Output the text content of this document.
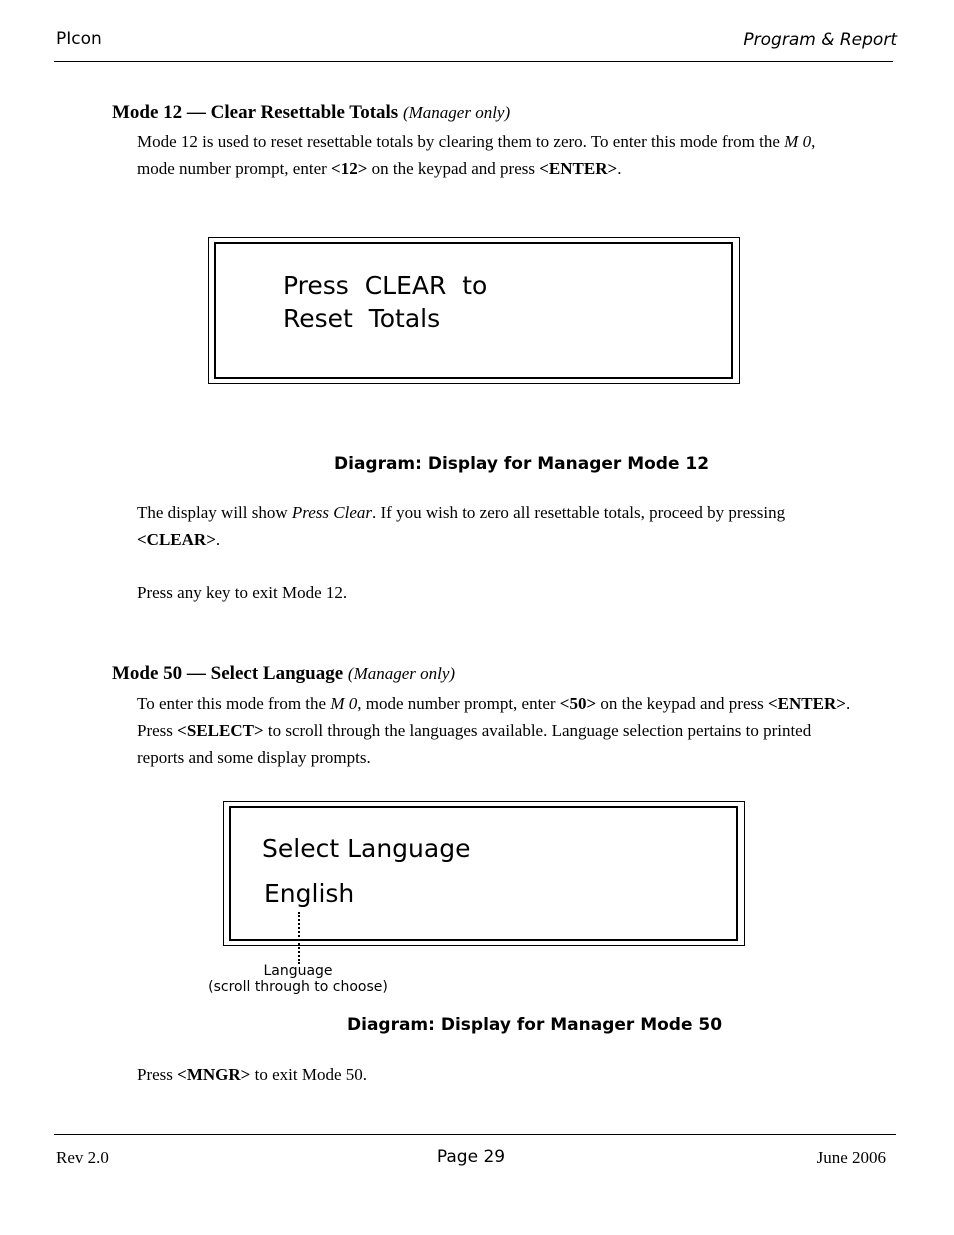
PIcon	Program & Report
Mode 12 — Clear Resettable Totals (Manager only)
Mode 12 is used to reset resettable totals by clearing them to zero. To enter this mode from the M 0, mode number prompt, enter <12> on the keypad and press <ENTER>.
Press  CLEAR  to
Reset  Totals
Diagram: Display for Manager Mode 12
The display will show Press Clear. If you wish to zero all resettable totals, proceed by pressing <CLEAR>.
Press any key to exit Mode 12.
Mode 50 — Select Language (Manager only)
To enter this mode from the M 0, mode number prompt, enter <50> on the keypad and press <ENTER>. Press <SELECT> to scroll through the languages available. Language selection pertains to printed reports and some display prompts.
Select Language
English
Language
(scroll through to choose)
Diagram: Display for Manager Mode 50
Press <MNGR> to exit Mode 50.
Rev 2.0	Page 29	June 2006
